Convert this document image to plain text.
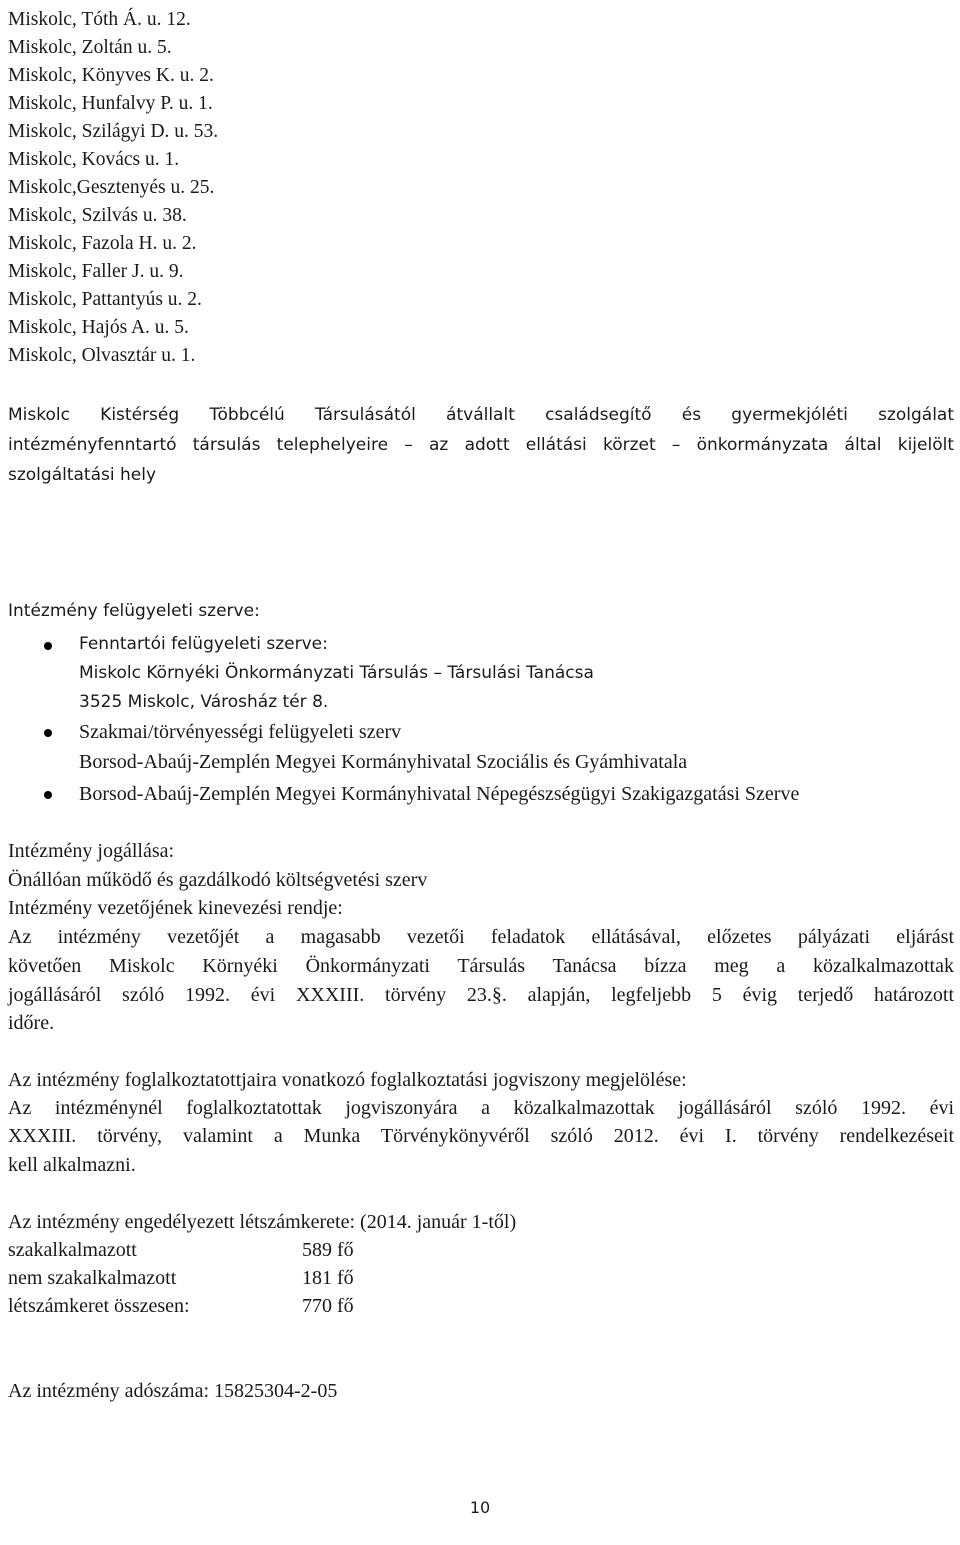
Miskolc, Tóth Á. u. 12.
Miskolc, Zoltán u. 5.
Miskolc, Könyves K. u. 2.
Miskolc, Hunfalvy P. u. 1.
Miskolc, Szilágyi D. u. 53.
Miskolc, Kovács u. 1.
Miskolc,Gesztenyés u. 25.
Miskolc, Szilvás u. 38.
Miskolc, Fazola H. u. 2.
Miskolc, Faller J. u. 9.
Miskolc, Pattantyús u. 2.
Miskolc, Hajós A. u. 5.
Miskolc, Olvasztár u. 1.
Miskolc Kistérség Többcélú Társulásától átvállalt családsegítő és gyermekjóléti szolgálat
intézményfenntartó társulás telephelyeire – az adott ellátási körzet – önkormányzata által kijelölt
szolgáltatási hely
Intézmény felügyeleti szerve:
Fenntartói felügyeleti szerve:
Miskolc Környéki Önkormányzati Társulás – Társulási Tanácsa
3525 Miskolc, Városház tér 8.
Szakmai/törvényességi felügyeleti szerv
Borsod-Abaúj-Zemplén Megyei Kormányhivatal Szociális és Gyámhivatala
Borsod-Abaúj-Zemplén Megyei Kormányhivatal Népegészségügyi Szakigazgatási Szerve
Intézmény jogállása:
Önállóan működő és gazdálkodó költségvetési szerv
Intézmény vezetőjének kinevezési rendje:
Az intézmény vezetőjét a magasabb vezetői feladatok ellátásával, előzetes pályázati eljárást
követően Miskolc Környéki Önkormányzati Társulás Tanácsa bízza meg a közalkalmazottak
jogállásáról szóló 1992. évi XXXIII. törvény 23.§. alapján, legfeljebb 5 évig terjedő határozott
időre.
Az intézmény foglalkoztatottjaira vonatkozó foglalkoztatási jogviszony megjelölése:
Az intézménynél foglalkoztatottak jogviszonyára a közalkalmazottak jogállásáról szóló 1992. évi
XXXIII. törvény, valamint a Munka Törvénykönyvéről szóló 2012. évi I. törvény rendelkezéseit
kell alkalmazni.
Az intézmény engedélyezett létszámkerete: (2014. január 1-től)
szakalkalmazott	589 fő
nem szakalkalmazott	181 fő
létszámkeret összesen:	770 fő
Az intézmény adószáma: 15825304-2-05
10
